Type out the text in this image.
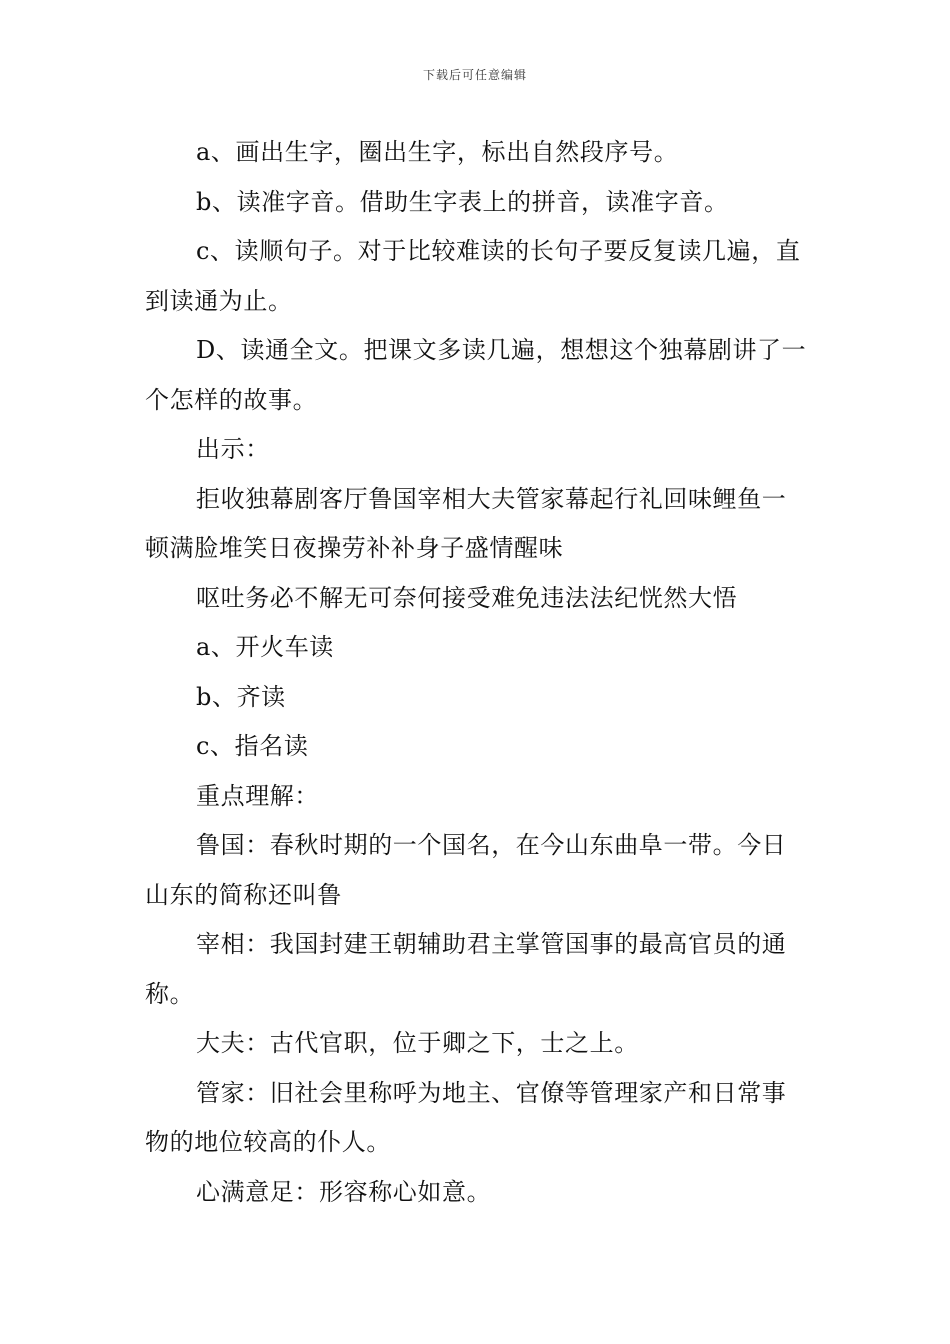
下载后可任意编辑

a、画出生字，圈出生字，标出自然段序号。

b、读准字音。借助生字表上的拼音，读准字音。

c、读顺句子。对于比较难读的长句子要反复读几遍，直到读通为止。

D、读通全文。把课文多读几遍，想想这个独幕剧讲了一个怎样的故事。

出示：

拒收独幕剧客厅鲁国宰相大夫管家幕起行礼回味鲤鱼一顿满脸堆笑日夜操劳补补身子盛情醒味

呕吐务必不解无可奈何接受难免违法法纪恍然大悟

a、开火车读

b、齐读

c、指名读

重点理解：

鲁国：春秋时期的一个国名，在今山东曲阜一带。今日山东的简称还叫鲁

宰相：我国封建王朝辅助君主掌管国事的最高官员的通称。

大夫：古代官职，位于卿之下，士之上。

管家：旧社会里称呼为地主、官僚等管理家产和日常事物的地位较高的仆人。

心满意足：形容称心如意。
